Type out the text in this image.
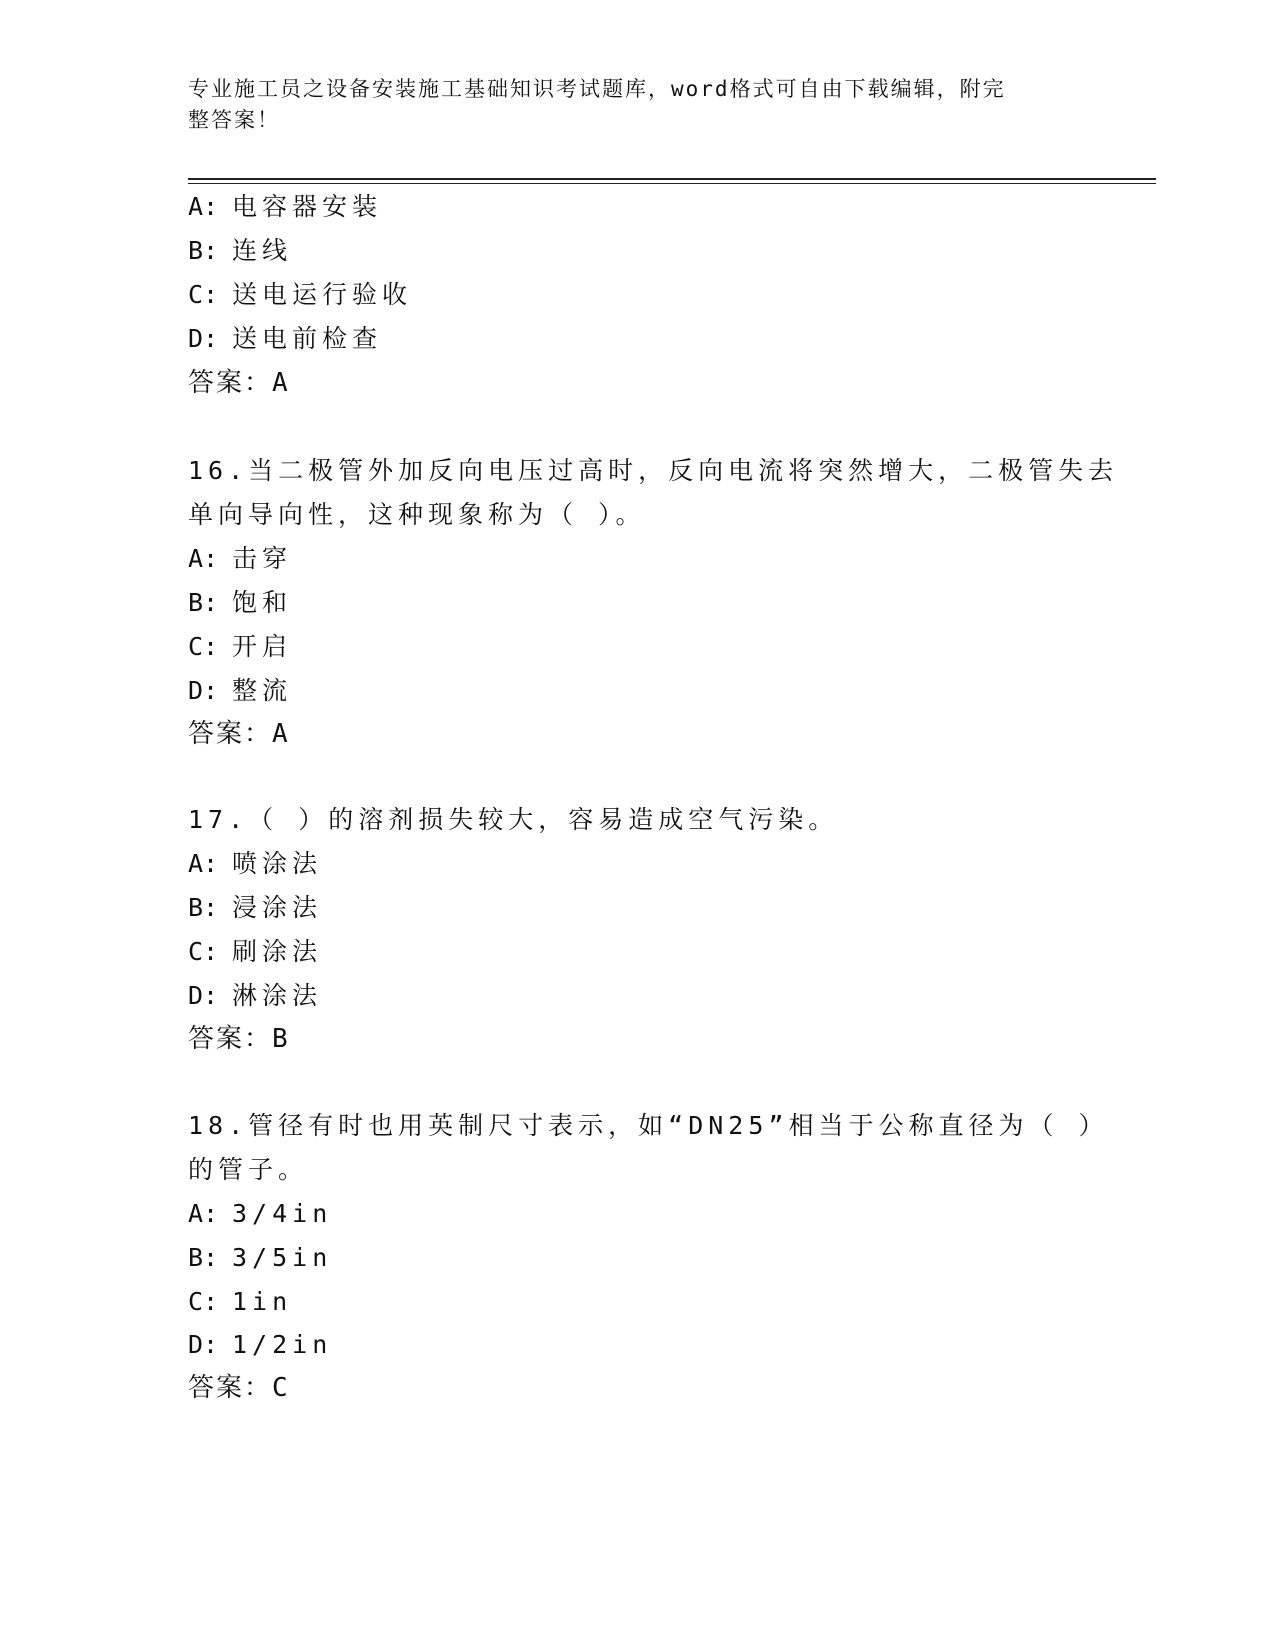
专业施工员之设备安装施工基础知识考试题库，word格式可自由下载编辑，附完
整答案！
A: 电容器安装
B: 连线
C: 送电运行验收
D: 送电前检查
答案：A
16.当二极管外加反向电压过高时，反向电流将突然增大，二极管失去
单向导向性，这种现象称为（ ）。
A: 击穿
B: 饱和
C: 开启
D: 整流
答案：A
17.（ ）的溶剂损失较大，容易造成空气污染。
A: 喷涂法
B: 浸涂法
C: 刷涂法
D: 淋涂法
答案：B
18.管径有时也用英制尺寸表示，如“DN25”相当于公称直径为（ ）
的管子。
A: 3/4in
B: 3/5in
C: 1in
D: 1/2in
答案：C
